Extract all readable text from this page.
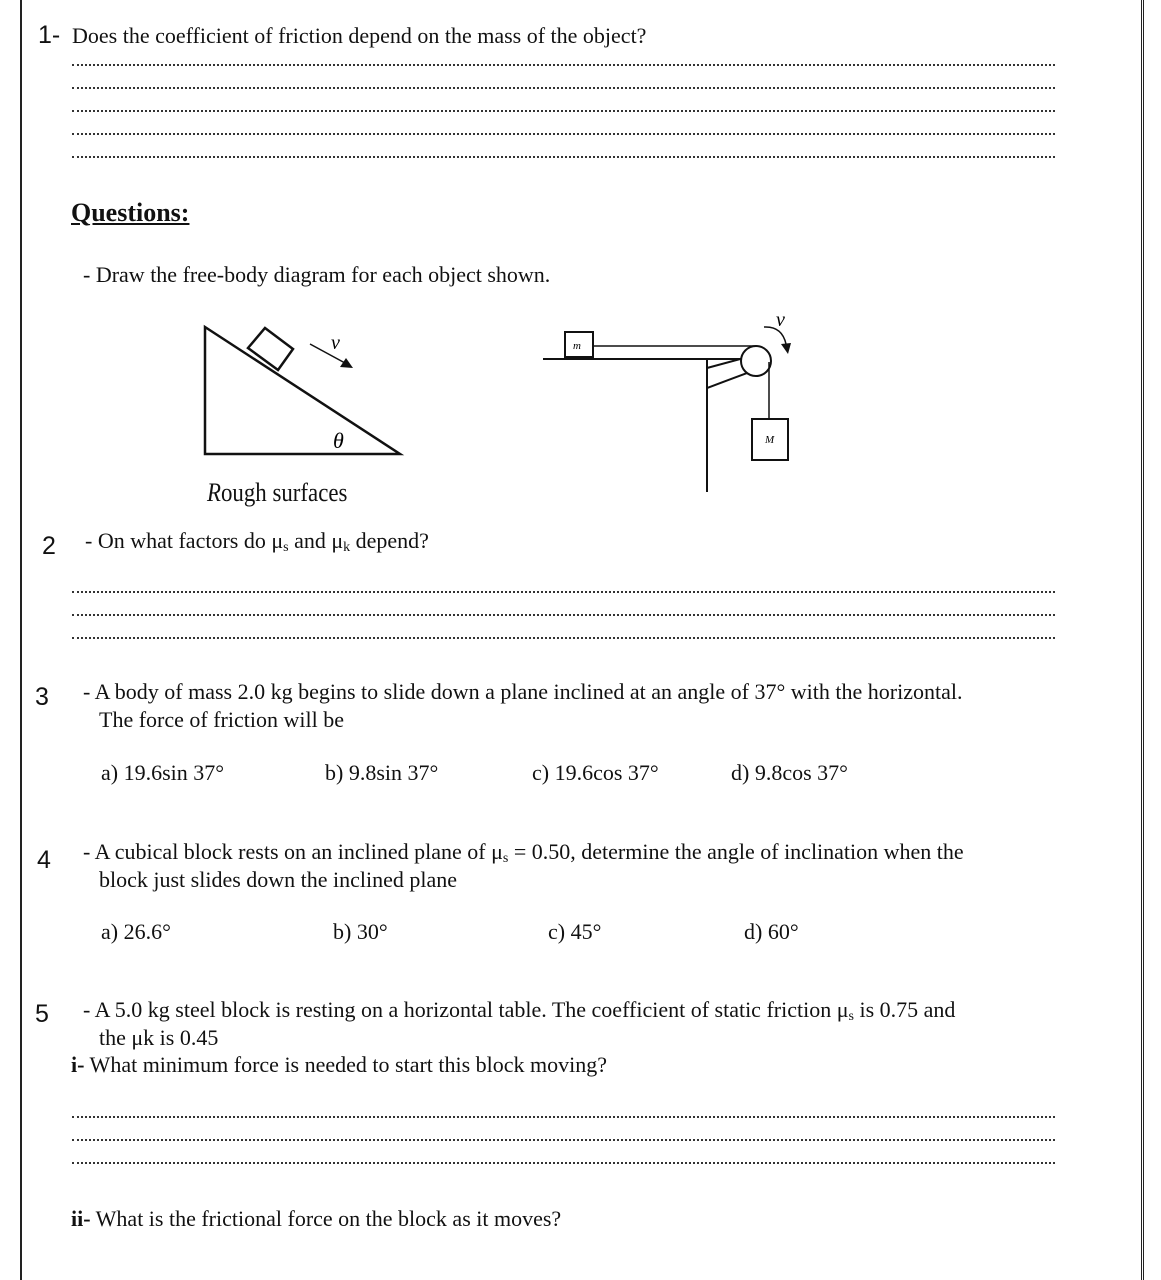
1- Does the coefficient of friction depend on the mass of the object?
Questions:
- Draw the free-body diagram for each object shown.
v
θ
Rough surfaces
m
M
v
2 - On what factors do $\mu_s$ and $\mu_k$ depend?
3 - A body of mass 2.0 kg begins to slide down a plane inclined at an angle of 37° with the horizontal.
The force of friction will be
a) 19.6sin 37°	b) 9.8sin 37°	c) 19.6cos 37°	d) 9.8cos 37°
4 - A cubical block rests on an inclined plane of $\mu_s = 0.50$, determine the angle of inclination when the
block just slides down the inclined plane
a) 26.6°	b) 30°	c) 45°	d) 60°
5 - A 5.0 kg steel block is resting on a horizontal table. The coefficient of static friction $\mu_s$ is 0.75 and
the μk is 0.45
i- What minimum force is needed to start this block moving?
ii- What is the frictional force on the block as it moves?
